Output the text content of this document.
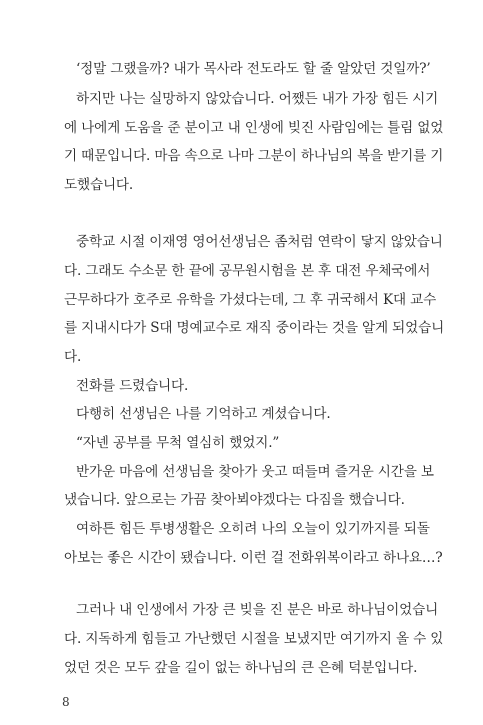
‘정말 그랬을까? 내가 목사라 전도라도 할 줄 알았던 것일까?’
하지만 나는 실망하지 않았습니다. 어쨌든 내가 가장 힘든 시기
에 나에게 도움을 준 분이고 내 인생에 빚진 사람임에는 틀림 없었
기 때문입니다. 마음 속으로 나마 그분이 하나님의 복을 받기를 기
도했습니다.
중학교 시절 이재영 영어선생님은 좀처럼 연락이 닿지 않았습니
다. 그래도 수소문 한 끝에 공무원시험을 본 후 대전 우체국에서
근무하다가 호주로 유학을 가셨다는데, 그 후 귀국해서 K대 교수
를 지내시다가 S대 명예교수로 재직 중이라는 것을 알게 되었습니
다.
전화를 드렸습니다.
다행히 선생님은 나를 기억하고 계셨습니다.
“자넨 공부를 무척 열심히 했었지.”
반가운 마음에 선생님을 찾아가 웃고 떠들며 즐거운 시간을 보
냈습니다. 앞으로는 가끔 찾아뵈야겠다는 다짐을 했습니다.
여하튼 힘든 투병생활은 오히려 나의 오늘이 있기까지를 되돌
아보는 좋은 시간이 됐습니다. 이런 걸 전화위복이라고 하나요…?
그러나 내 인생에서 가장 큰 빚을 진 분은 바로 하나님이었습니
다. 지독하게 힘들고 가난했던 시절을 보냈지만 여기까지 올 수 있
었던 것은 모두 갚을 길이 없는 하나님의 큰 은혜 덕분입니다.
8
